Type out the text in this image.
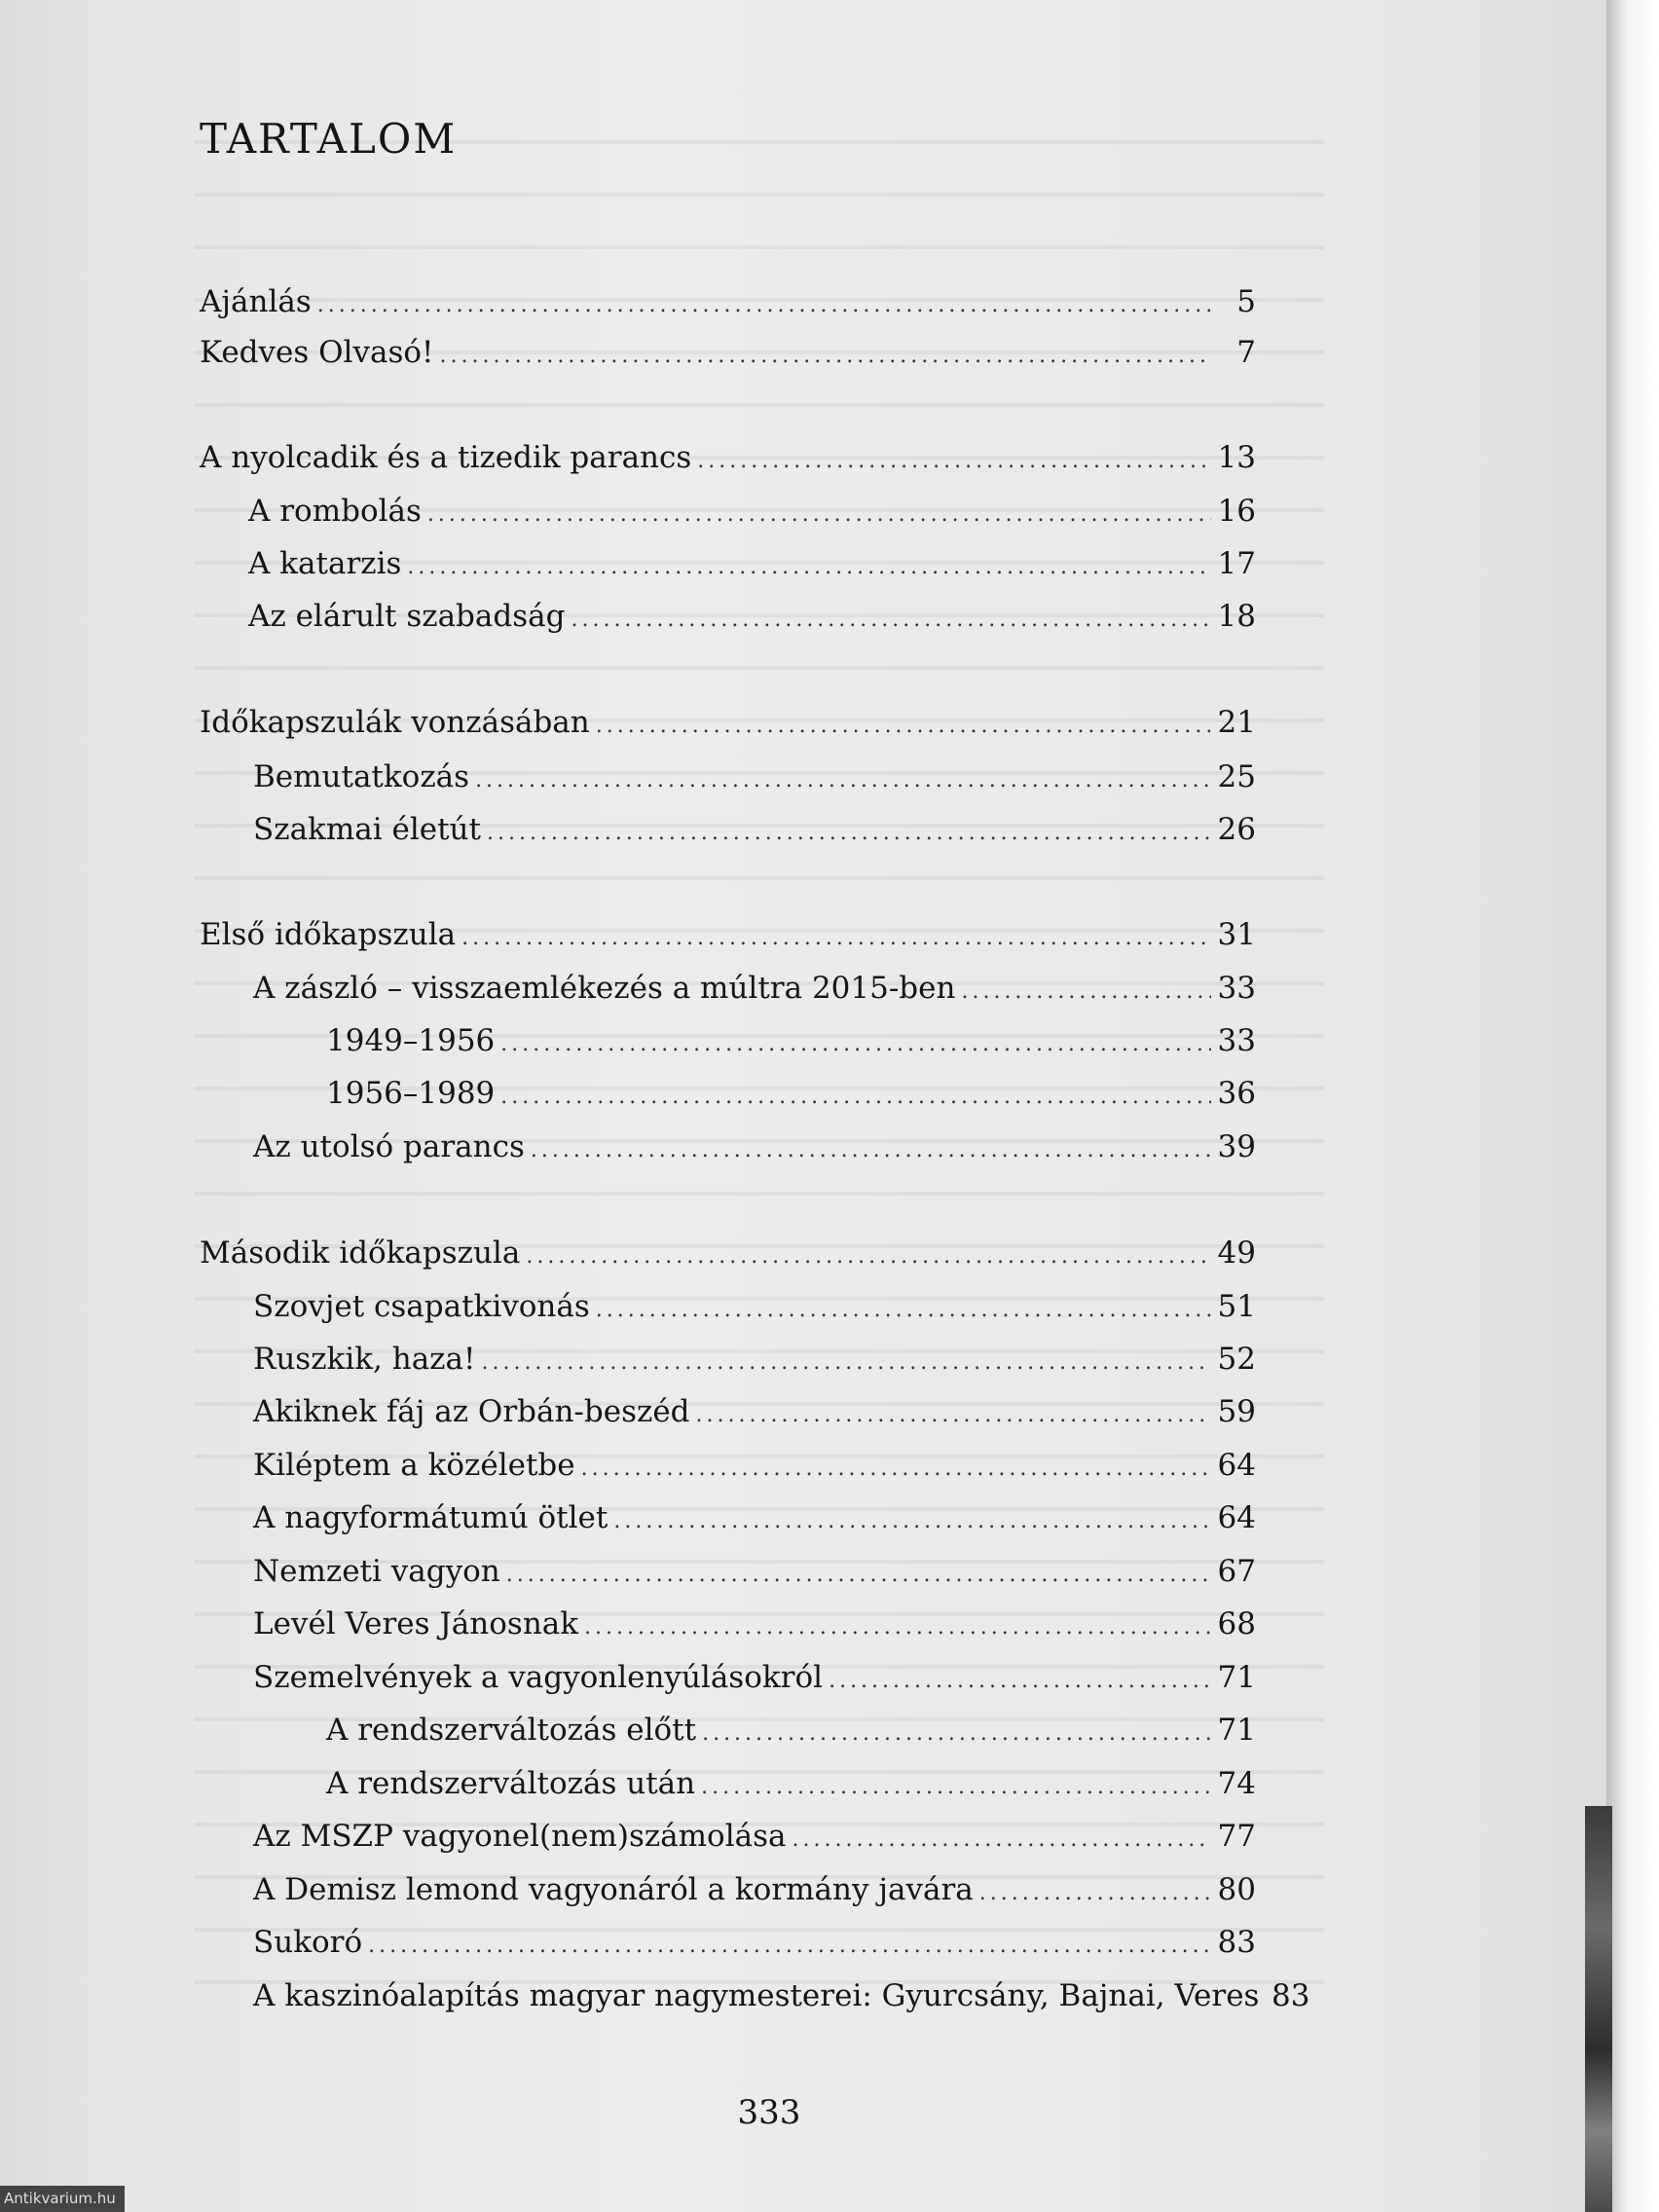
TARTALOM
Ajánlás .....	5
Kedves Olvasó! .....	7
A nyolcadik és a tizedik parancs .....	13
A rombolás .....	16
A katarzis .....	17
Az elárult szabadság .....	18
Időkapszulák vonzásában .....	21
Bemutatkozás .....	25
Szakmai életút .....	26
Első időkapszula .....	31
A zászló – visszaemlékezés a múltra 2015-ben .....	33
1949–1956 .....	33
1956–1989 .....	36
Az utolsó parancs .....	39
Második időkapszula .....	49
Szovjet csapatkivonás .....	51
Ruszkik, haza! .....	52
Akiknek fáj az Orbán-beszéd .....	59
Kiléptem a közéletbe .....	64
A nagyformátumú ötlet .....	64
Nemzeti vagyon .....	67
Levél Veres Jánosnak .....	68
Szemelvények a vagyonlenyúlásokról .....	71
A rendszerváltozás előtt .....	71
A rendszerváltozás után .....	74
Az MSZP vagyonel(nem)számolása .....	77
A Demisz lemond vagyonáról a kormány javára .....	80
Sukoró .....	83
A kaszinóalapítás magyar nagymesterei: Gyurcsány, Bajnai, Veres 83
333
Antikvarium.hu
